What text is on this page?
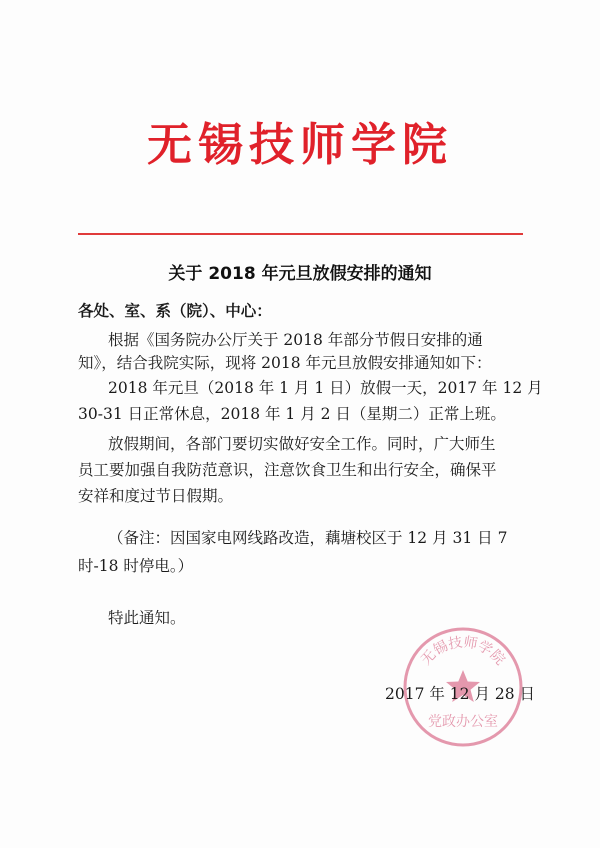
无锡技师学院
关于 2018 年元旦放假安排的通知
各处、室、系（院）、中心：
根据《国务院办公厅关于 2018 年部分节假日安排的通
知》，结合我院实际，现将 2018 年元旦放假安排通知如下：
2018 年元旦（2018 年 1 月 1 日）放假一天，2017 年 12 月
30-31 日正常休息，2018 年 1 月 2 日（星期二）正常上班。
放假期间，各部门要切实做好安全工作。同时，广大师生
员工要加强自我防范意识，注意饮食卫生和出行安全，确保平
安祥和度过节日假期。
（备注：因国家电网线路改造，藕塘校区于 12 月 31 日 7
时-18 时停电。）
特此通知。
无锡技师学院
党政办公室
2017 年 12 月 28 日
